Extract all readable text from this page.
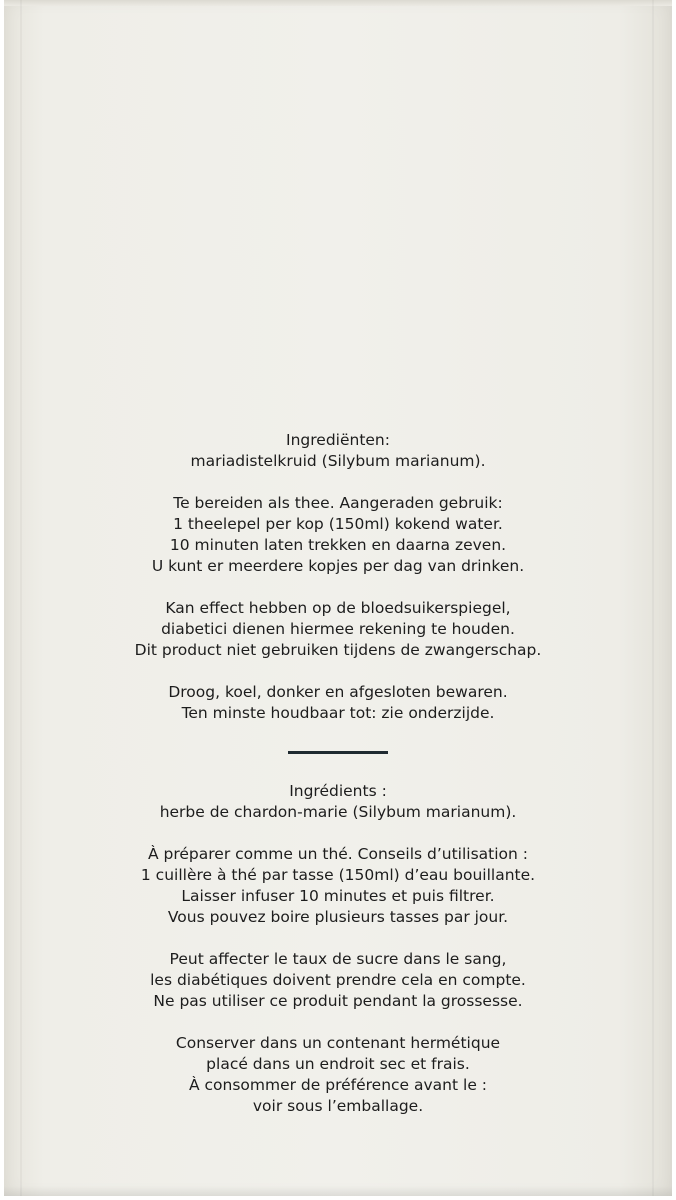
Ingrediënten:
mariadistelkruid (Silybum marianum).
Te bereiden als thee. Aangeraden gebruik:
1 theelepel per kop (150ml) kokend water.
10 minuten laten trekken en daarna zeven.
U kunt er meerdere kopjes per dag van drinken.
Kan effect hebben op de bloedsuikerspiegel,
diabetici dienen hiermee rekening te houden.
Dit product niet gebruiken tijdens de zwangerschap.
Droog, koel, donker en afgesloten bewaren.
Ten minste houdbaar tot: zie onderzijde.
Ingrédients :
herbe de chardon-marie (Silybum marianum).
À préparer comme un thé. Conseils d’utilisation :
1 cuillère à thé par tasse (150ml) d’eau bouillante.
Laisser infuser 10 minutes et puis filtrer.
Vous pouvez boire plusieurs tasses par jour.
Peut affecter le taux de sucre dans le sang,
les diabétiques doivent prendre cela en compte.
Ne pas utiliser ce produit pendant la grossesse.
Conserver dans un contenant hermétique
placé dans un endroit sec et frais.
À consommer de préférence avant le :
voir sous l’emballage.
